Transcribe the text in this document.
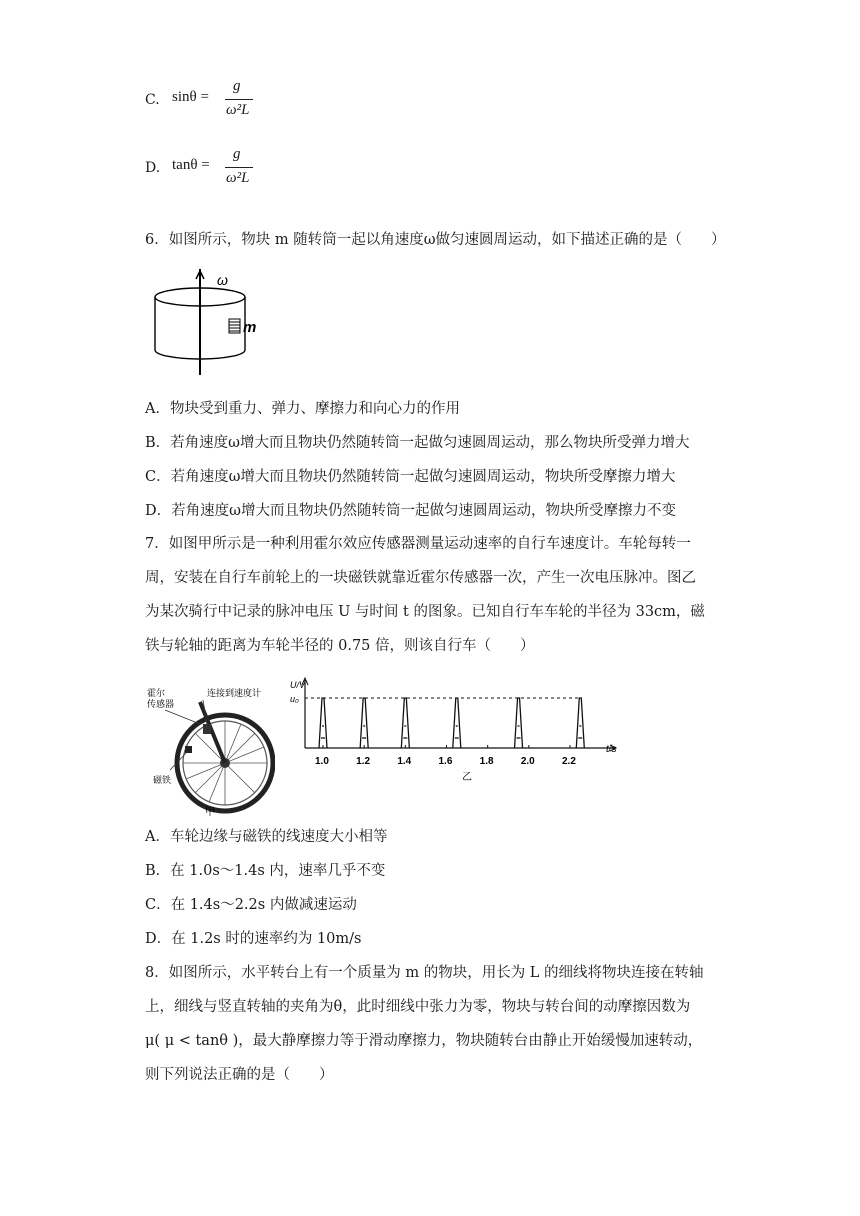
C. sinθ =
g
ω²L
D. tanθ =
g
ω²L
6．如图所示，物块 m 随转筒一起以角速度ω做匀速圆周运动，如下描述正确的是（　　）
ω
m
A．物块受到重力、弹力、摩擦力和向心力的作用
B．若角速度ω增大而且物块仍然随转筒一起做匀速圆周运动，那么物块所受弹力增大
C．若角速度ω增大而且物块仍然随转筒一起做匀速圆周运动，物块所受摩擦力增大
D．若角速度ω增大而且物块仍然随转筒一起做匀速圆周运动，物块所受摩擦力不变
7．如图甲所示是一种利用霍尔效应传感器测量运动速率的自行车速度计。车轮每转一
周，安装在自行车前轮上的一块磁铁就靠近霍尔传感器一次，产生一次电压脉冲。图乙
为某次骑行中记录的脉冲电压 U 与时间 t 的图象。已知自行车车轮的半径为 33cm，磁
铁与轮轴的距离为车轮半径的 0.75 倍，则该自行车（　　）
霍尔
传感器
连接到速度计
磁铁
甲
U/V
u₀
t/s
1.0	1.2	1.4	1.6	1.8	2.0	2.2
乙
A．车轮边缘与磁铁的线速度大小相等
B．在 1.0s～1.4s 内，速率几乎不变
C．在 1.4s～2.2s 内做减速运动
D．在 1.2s 时的速率约为 10m/s
8．如图所示，水平转台上有一个质量为 m 的物块，用长为 L 的细线将物块连接在转轴
上，细线与竖直转轴的夹角为θ，此时细线中张力为零，物块与转台间的动摩擦因数为
μ( μ < tanθ )，最大静摩擦力等于滑动摩擦力，物块随转台由静止开始缓慢加速转动，
则下列说法正确的是（　　）
